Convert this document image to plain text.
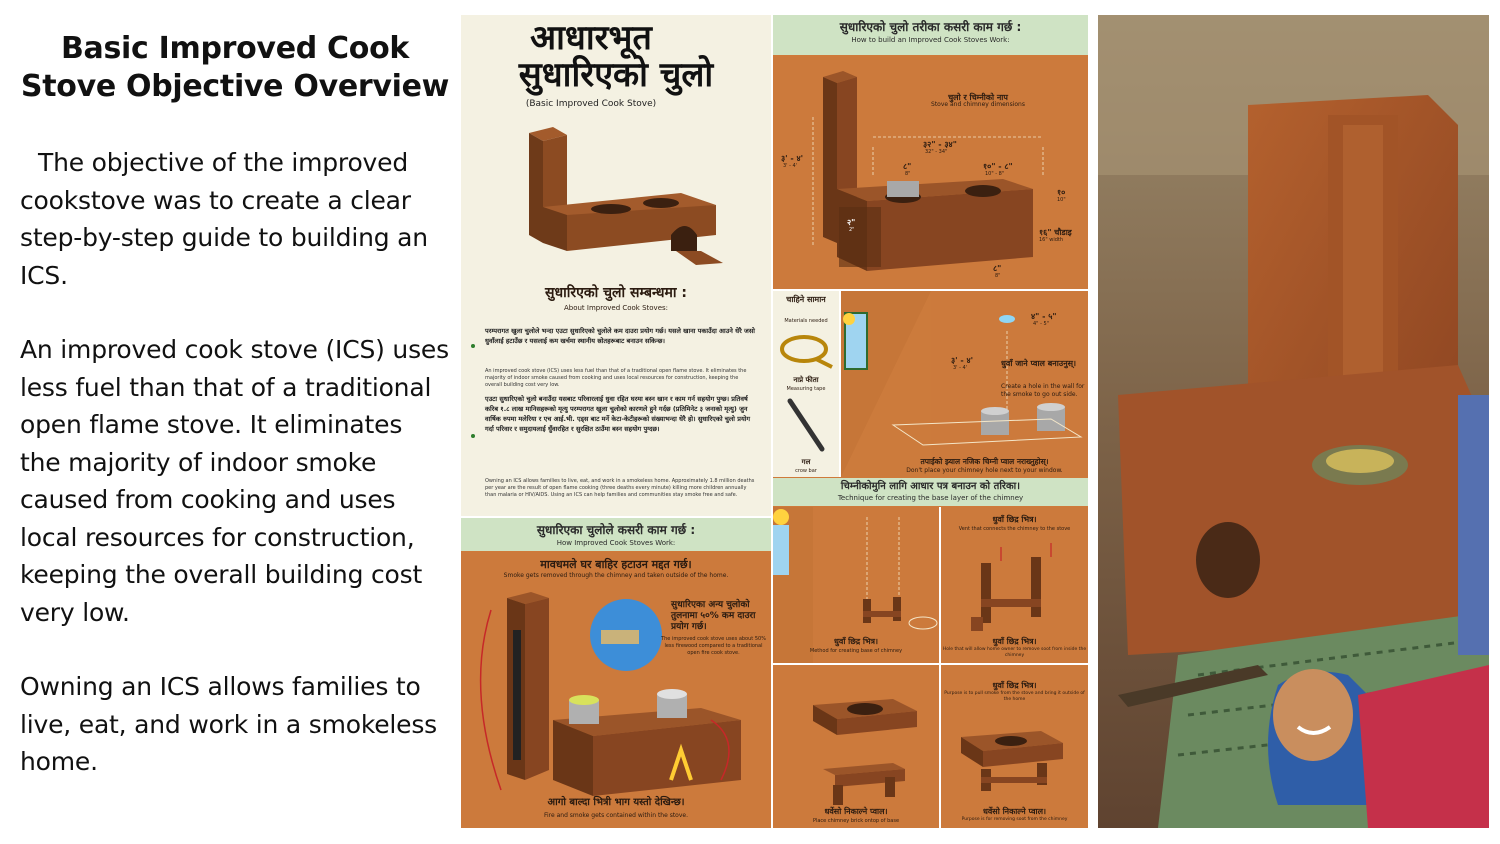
Basic Improved Cook Stove Objective Overview

The objective of the improved cookstove was to create a clear step-by-step guide to building an ICS.

An improved cook stove (ICS) uses less fuel than that of a traditional open flame stove. It eliminates the majority of indoor smoke caused from cooking and uses local resources for construction, keeping the overall building cost very low.

Owning an ICS allows families to live, eat, and work in a smokeless home.

आधारभूत
सुधारिएको चुलो
(Basic Improved Cook Stove)
सुधारिएको चुलो सम्बन्धमा :
About Improved Cook Stoves:
परम्परागत खुला चुलोले भन्दा एउटा सुधारिएको चुलोले कम दाउरा प्रयोग गर्छ। यसले खाना पकाउँदा आउने धेरै जसो धुवाँलाई हटाउँछ र यसलाई कम खर्चमा स्थानीय स्रोतहरूबाट बनाउन सकिन्छ।
An improved cook stove (ICS) uses less fuel than that of a traditional open flame stove. It eliminates the majority of indoor smoke caused from cooking and uses local resources for construction, keeping the overall building cost very low.
एउटा सुधारिएको चुलो बनाउँदा यसबाट परिवारलाई धुवा रहित घरमा बस्न खान र काम गर्न सहयोग पुग्छ। प्रतिवर्ष करिब १.८ लाख मानिसहरूको मृत्यु परम्परागत खुला चुलोको कारणले हुने गर्दछ (प्रतिमिनेट ३ जनाको मृत्यु) जुन वार्षिक रुपमा मलेरिया र एच आई.भी. एड्स बाट मर्ने केटा-केटीहरूको संख्याभन्दा धेरै हो। सुधारिएको चुलो प्रयोग गर्दा परिवार र समुदायलाई धुँवारहित र सुरक्षित ठाउँमा बस्न सहयोग पुग्दछ।
Owning an ICS allows families to live, eat, and work in a smokeless home. Approximately 1.8 million deaths per year are the result of open flame cooking (three deaths every minute) killing more children annually than malaria or HIV/AIDS. Using an ICS can help families and communities stay smoke free and safe.
सुधारिएका चुलोले कसरी काम गर्छ :
How Improved Cook Stoves Work:
मावधमले घर बाहिर हटाउन मद्दत गर्छ।
Smoke gets removed through the chimney and taken outside of the home.
सुधारिएका अन्य चुलोको तुलनामा ५०% कम दाउरा प्रयोग गर्छ।
The improved cook stove uses about 50% less firewood compared to a traditional open fire cook stove.
आगो बाल्दा भित्री भाग यस्तो देखिन्छ।
Fire and smoke gets contained within the stove.
सुधारिएको चुलो तरीका कसरी काम गर्छ :
How to build an Improved Cook Stoves Work:
चुलो र चिम्नीको नाप
Stove and chimney dimensions
३२" - ३४"
32" - 34"
३' - ४'
3' - 4'	८"
8"
१०" - ८"
10" - 8"
१०
10"
२"
2"	१६" चौडाइ
16" width
८"
8"
चाहिने सामान
Materials needed
नाप्ने फीता
Measuring tape
गल
crow bar
४" - ५"
4" - 5"
३' - ४'
3' - 4'	धुवाँ जाने प्वाल बनाउनुस्।
Create a hole in the wall for the smoke to go out side.
तपाईको झ्याल नजिक चिम्नी प्वाल नराख्नुहोस्।
Don't place your chimney hole next to your window.
चिम्नीकोमुनि लागि आधार पत्र बनाउन को तरिका।
Technique for creating the base layer of the chimney
धुवाँ छिद्र भित्र।
Method for creating base of chimney
धुवाँ छिद्र भित्र।
Vent that connects the chimney to the stove
धुवाँ छिद्र भित्र।
Hole that will allow home owner to remove soot from inside the chimney
धर्वेसो निकाल्ने प्वाल।
Place chimney brick ontop of base
धुवाँ छिद्र भित्र।
Purpose is to pull smoke from the stove and bring it outside of the home
धर्वेसो निकाल्ने प्वाल।
Purpose is for removing soot from the chimney
